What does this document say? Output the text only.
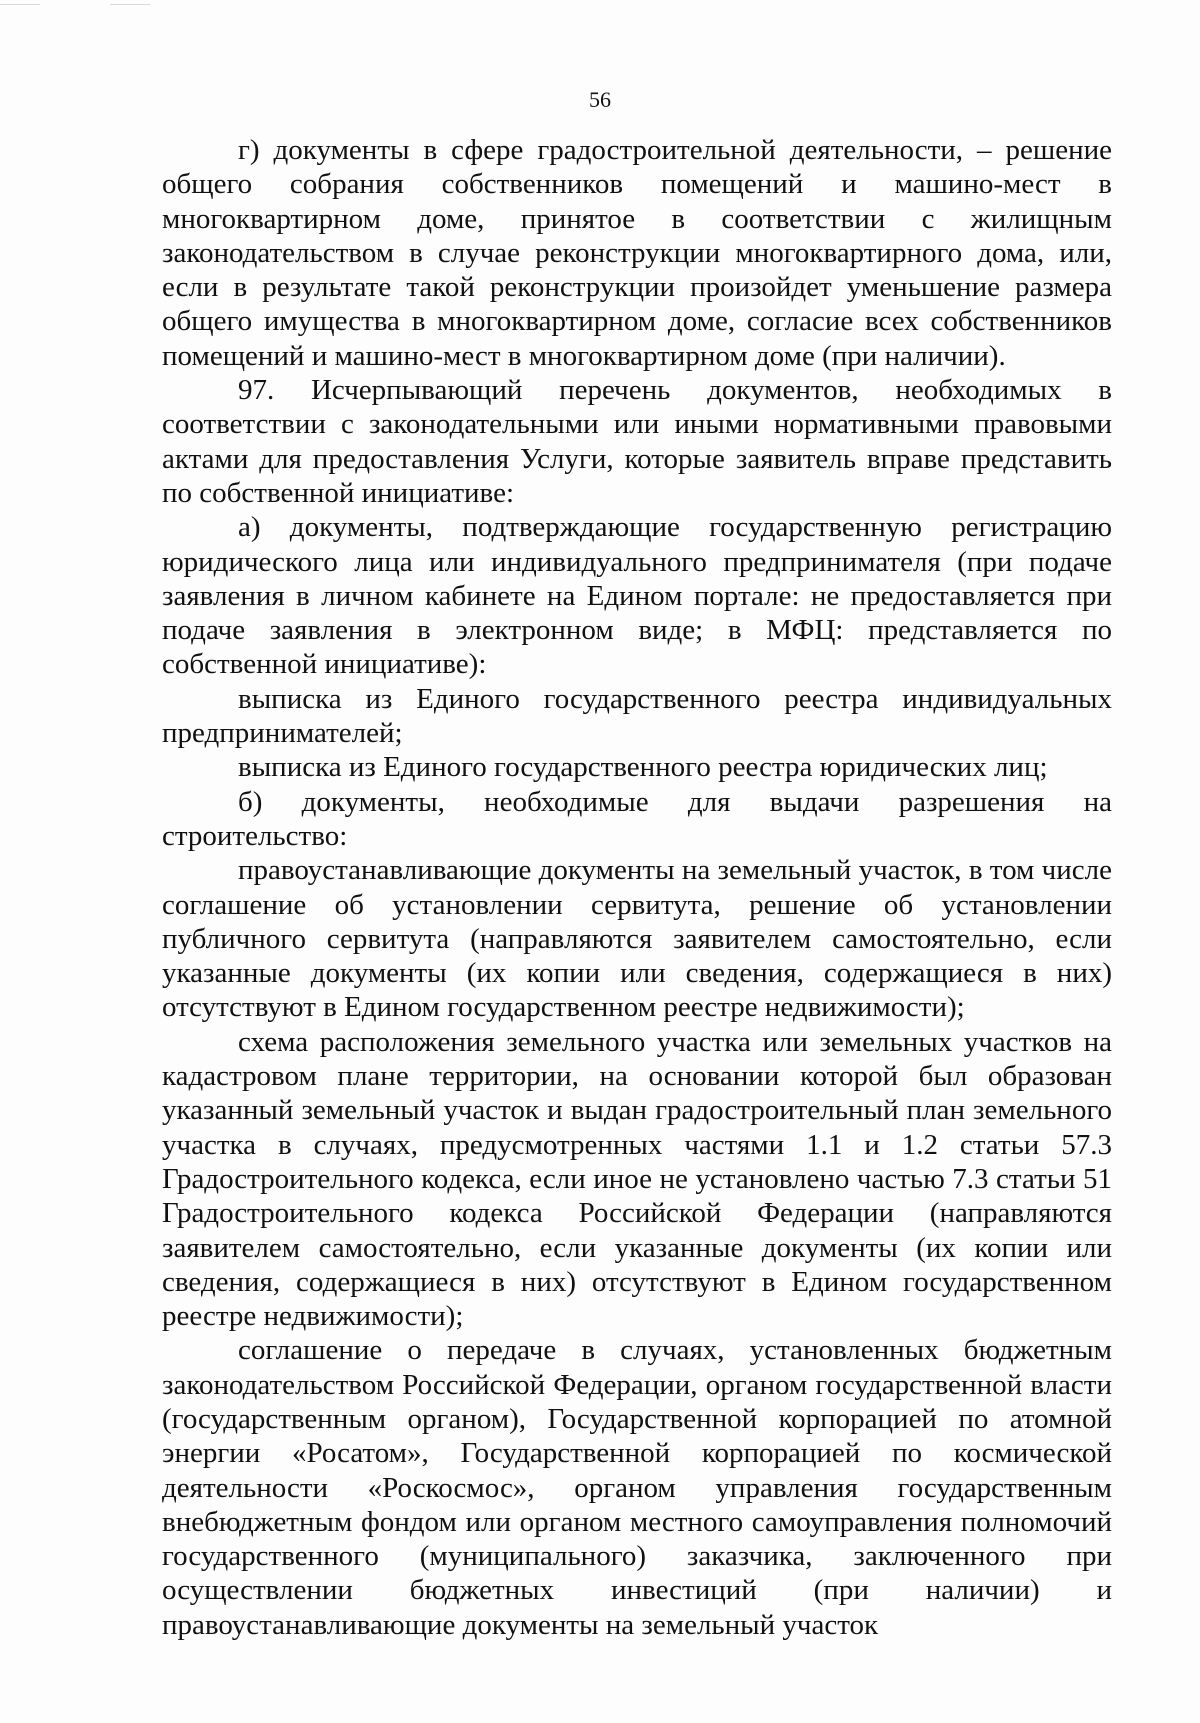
56

г) документы в сфере градостроительной деятельности, – решение общего собрания собственников помещений и машино-мест в многоквартирном доме, принятое в соответствии с жилищным законодательством в случае реконструкции многоквартирного дома, или, если в результате такой реконструкции произойдет уменьшение размера общего имущества в многоквартирном доме, согласие всех собственников помещений и машино-мест в многоквартирном доме (при наличии).

97. Исчерпывающий перечень документов, необходимых в соответствии с законодательными или иными нормативными правовыми актами для предоставления Услуги, которые заявитель вправе представить по собственной инициативе:

а) документы, подтверждающие государственную регистрацию юридического лица или индивидуального предпринимателя (при подаче заявления в личном кабинете на Едином портале: не предоставляется при подаче заявления в электронном виде; в МФЦ: представляется по собственной инициативе):

выписка из Единого государственного реестра индивидуальных предпринимателей;

выписка из Единого государственного реестра юридических лиц;

б) документы, необходимые для выдачи разрешения на строительство:

правоустанавливающие документы на земельный участок, в том числе соглашение об установлении сервитута, решение об установлении публичного сервитута (направляются заявителем самостоятельно, если указанные документы (их копии или сведения, содержащиеся в них) отсутствуют в Едином государственном реестре недвижимости);

схема расположения земельного участка или земельных участков на кадастровом плане территории, на основании которой был образован указанный земельный участок и выдан градостроительный план земельного участка в случаях, предусмотренных частями 1.1 и 1.2 статьи 57.3 Градостроительного кодекса, если иное не установлено частью 7.3 статьи 51 Градостроительного кодекса Российской Федерации (направляются заявителем самостоятельно, если указанные документы (их копии или сведения, содержащиеся в них) отсутствуют в Едином государственном реестре недвижимости);

соглашение о передаче в случаях, установленных бюджетным законодательством Российской Федерации, органом государственной власти (государственным органом), Государственной корпорацией по атомной энергии «Росатом», Государственной корпорацией по космической деятельности «Роскосмос», органом управления государственным внебюджетным фондом или органом местного самоуправления полномочий государственного (муниципального) заказчика, заключенного при осуществлении бюджетных инвестиций (при наличии) и правоустанавливающие документы на земельный участок
